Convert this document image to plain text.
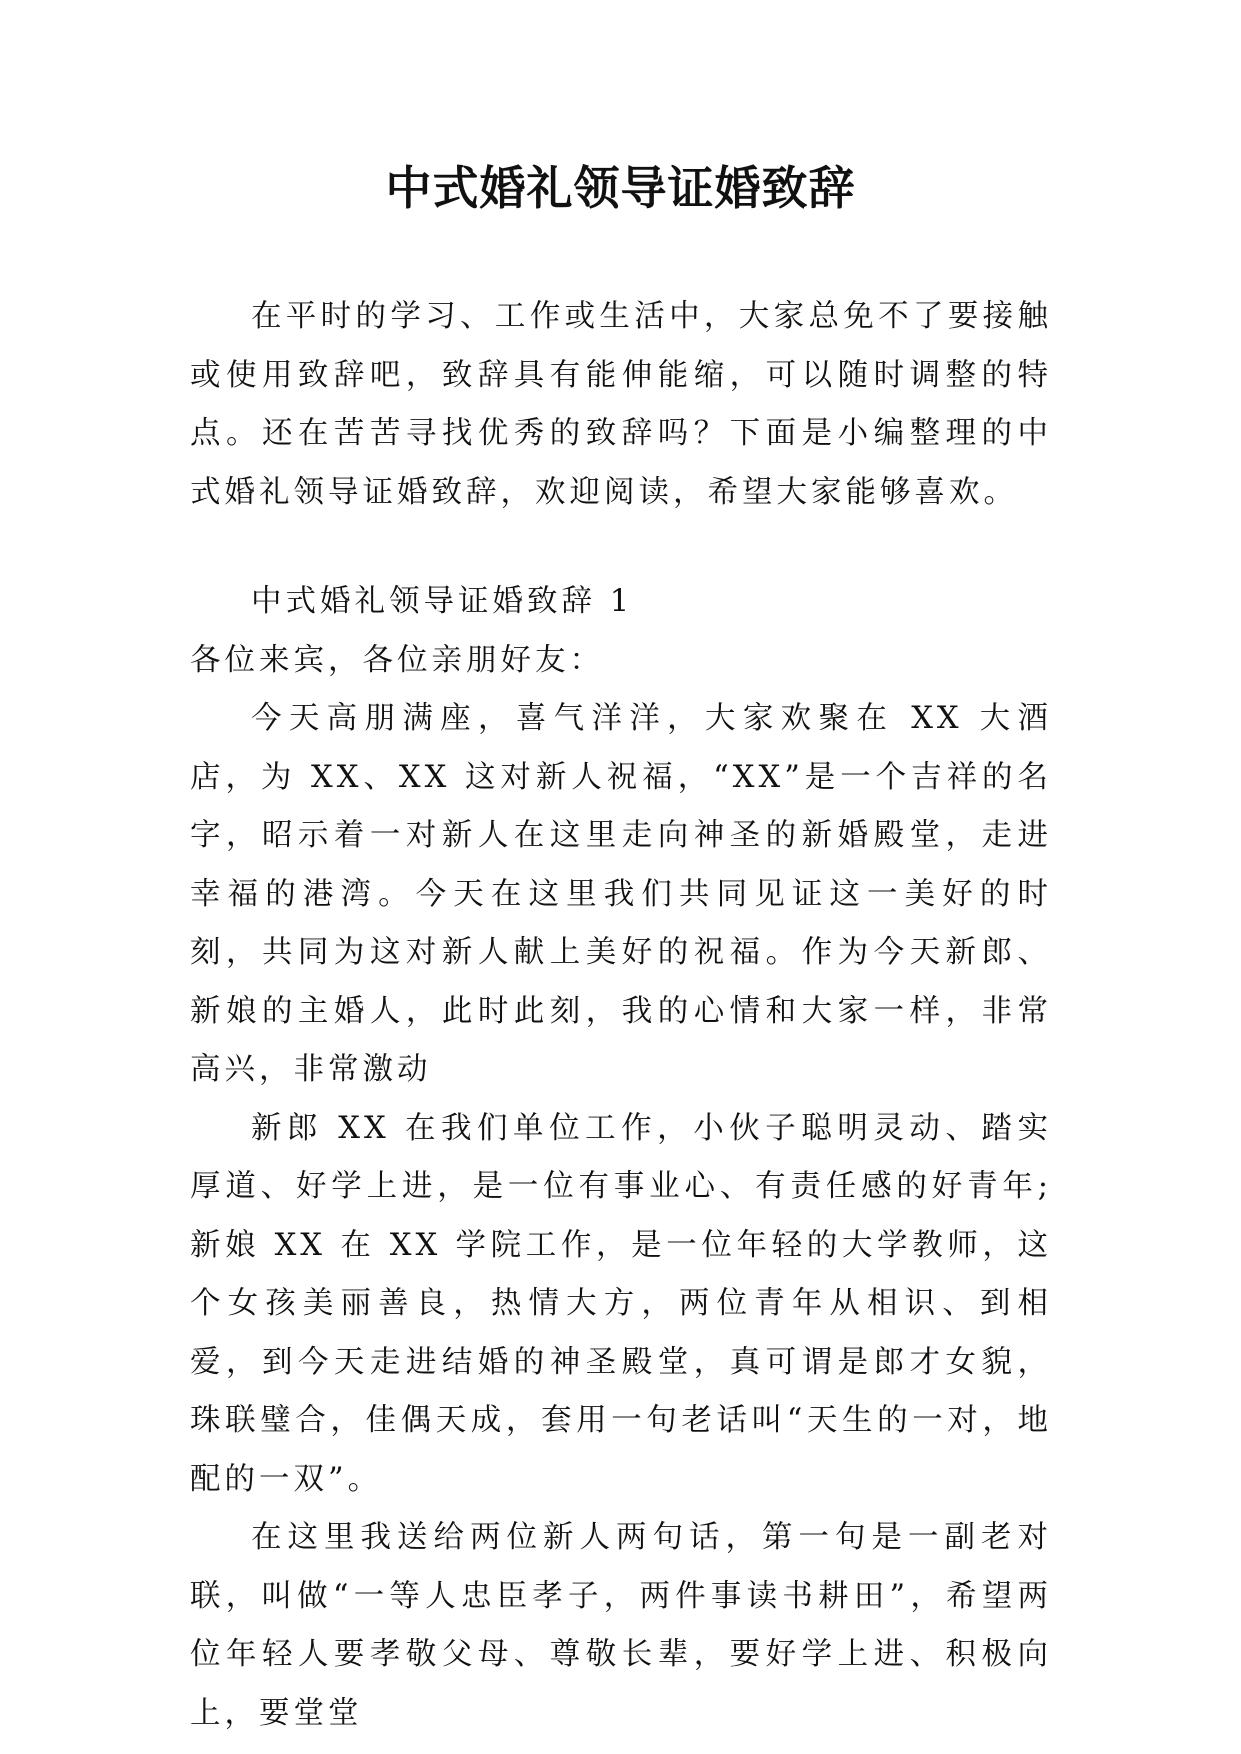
中式婚礼领导证婚致辞

在平时的学习、工作或生活中，大家总免不了要接触或使用致辞吧，致辞具有能伸能缩，可以随时调整的特点。还在苦苦寻找优秀的致辞吗？下面是小编整理的中式婚礼领导证婚致辞，欢迎阅读，希望大家能够喜欢。

中式婚礼领导证婚致辞 1

各位来宾，各位亲朋好友：

今天高朋满座，喜气洋洋，大家欢聚在 XX 大酒店，为 XX、XX 这对新人祝福，“XX”是一个吉祥的名字，昭示着一对新人在这里走向神圣的新婚殿堂，走进幸福的港湾。今天在这里我们共同见证这一美好的时刻，共同为这对新人献上美好的祝福。作为今天新郎、新娘的主婚人，此时此刻，我的心情和大家一样，非常高兴，非常激动

新郎 XX 在我们单位工作，小伙子聪明灵动、踏实厚道、好学上进，是一位有事业心、有责任感的好青年;新娘 XX 在 XX 学院工作，是一位年轻的大学教师，这个女孩美丽善良，热情大方，两位青年从相识、到相爱，到今天走进结婚的神圣殿堂，真可谓是郎才女貌，珠联璧合，佳偶天成，套用一句老话叫“天生的一对，地配的一双”。

在这里我送给两位新人两句话，第一句是一副老对联，叫做“一等人忠臣孝子，两件事读书耕田”，希望两位年轻人要孝敬父母、尊敬长辈，要好学上进、积极向上，要堂堂
